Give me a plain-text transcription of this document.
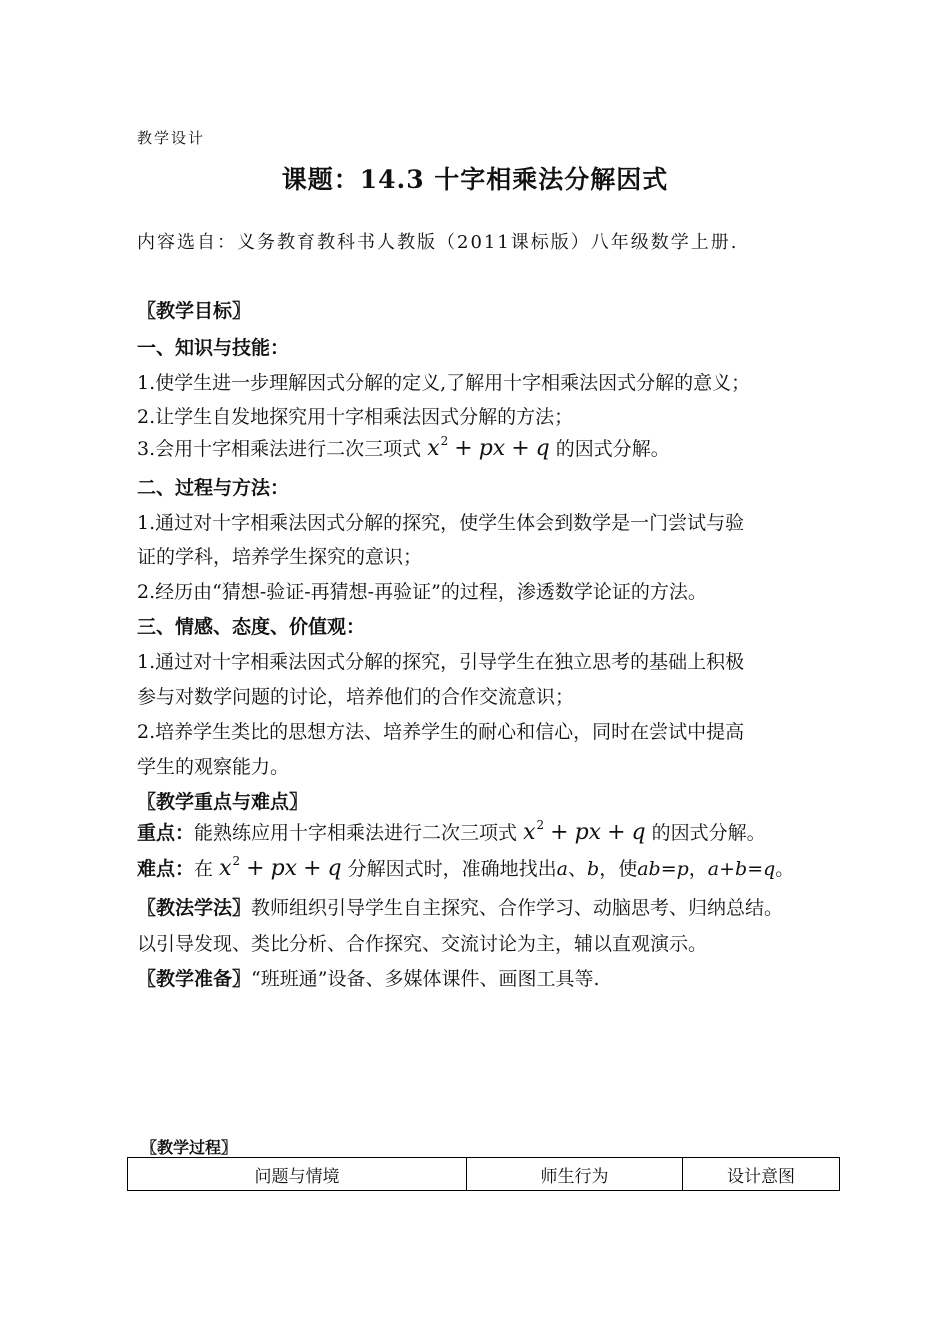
教学设计
课题：14.3 十字相乘法分解因式
内容选自：义务教育教科书人教版（2011课标版）八年级数学上册.
〖教学目标〗
一、知识与技能：
1.使学生进一步理解因式分解的定义,了解用十字相乘法因式分解的意义；
2.让学生自发地探究用十字相乘法因式分解的方法；
3.会用十字相乘法进行二次三项式 $x^2$ + px + q 的因式分解。
二、过程与方法：
1.通过对十字相乘法因式分解的探究，使学生体会到数学是一门尝试与验
证的学科，培养学生探究的意识；
2.经历由“猜想-验证-再猜想-再验证”的过程，渗透数学论证的方法。
三、情感、态度、价值观：
1.通过对十字相乘法因式分解的探究，引导学生在独立思考的基础上积极
参与对数学问题的讨论，培养他们的合作交流意识；
2.培养学生类比的思想方法、培养学生的耐心和信心，同时在尝试中提高
学生的观察能力。
〖教学重点与难点〗
重点：能熟练应用十字相乘法进行二次三项式 $x^2$ + px + q 的因式分解。
难点：在 $x^2$ + px + q 分解因式时，准确地找出a、b，使ab=p，a+b=q。
〖教法学法〗教师组织引导学生自主探究、合作学习、动脑思考、归纳总结。
以引导发现、类比分析、合作探究、交流讨论为主，辅以直观演示。
〖教学准备〗“班班通”设备、多媒体课件、画图工具等.
〖教学过程〗
问题与情境	师生行为	设计意图
